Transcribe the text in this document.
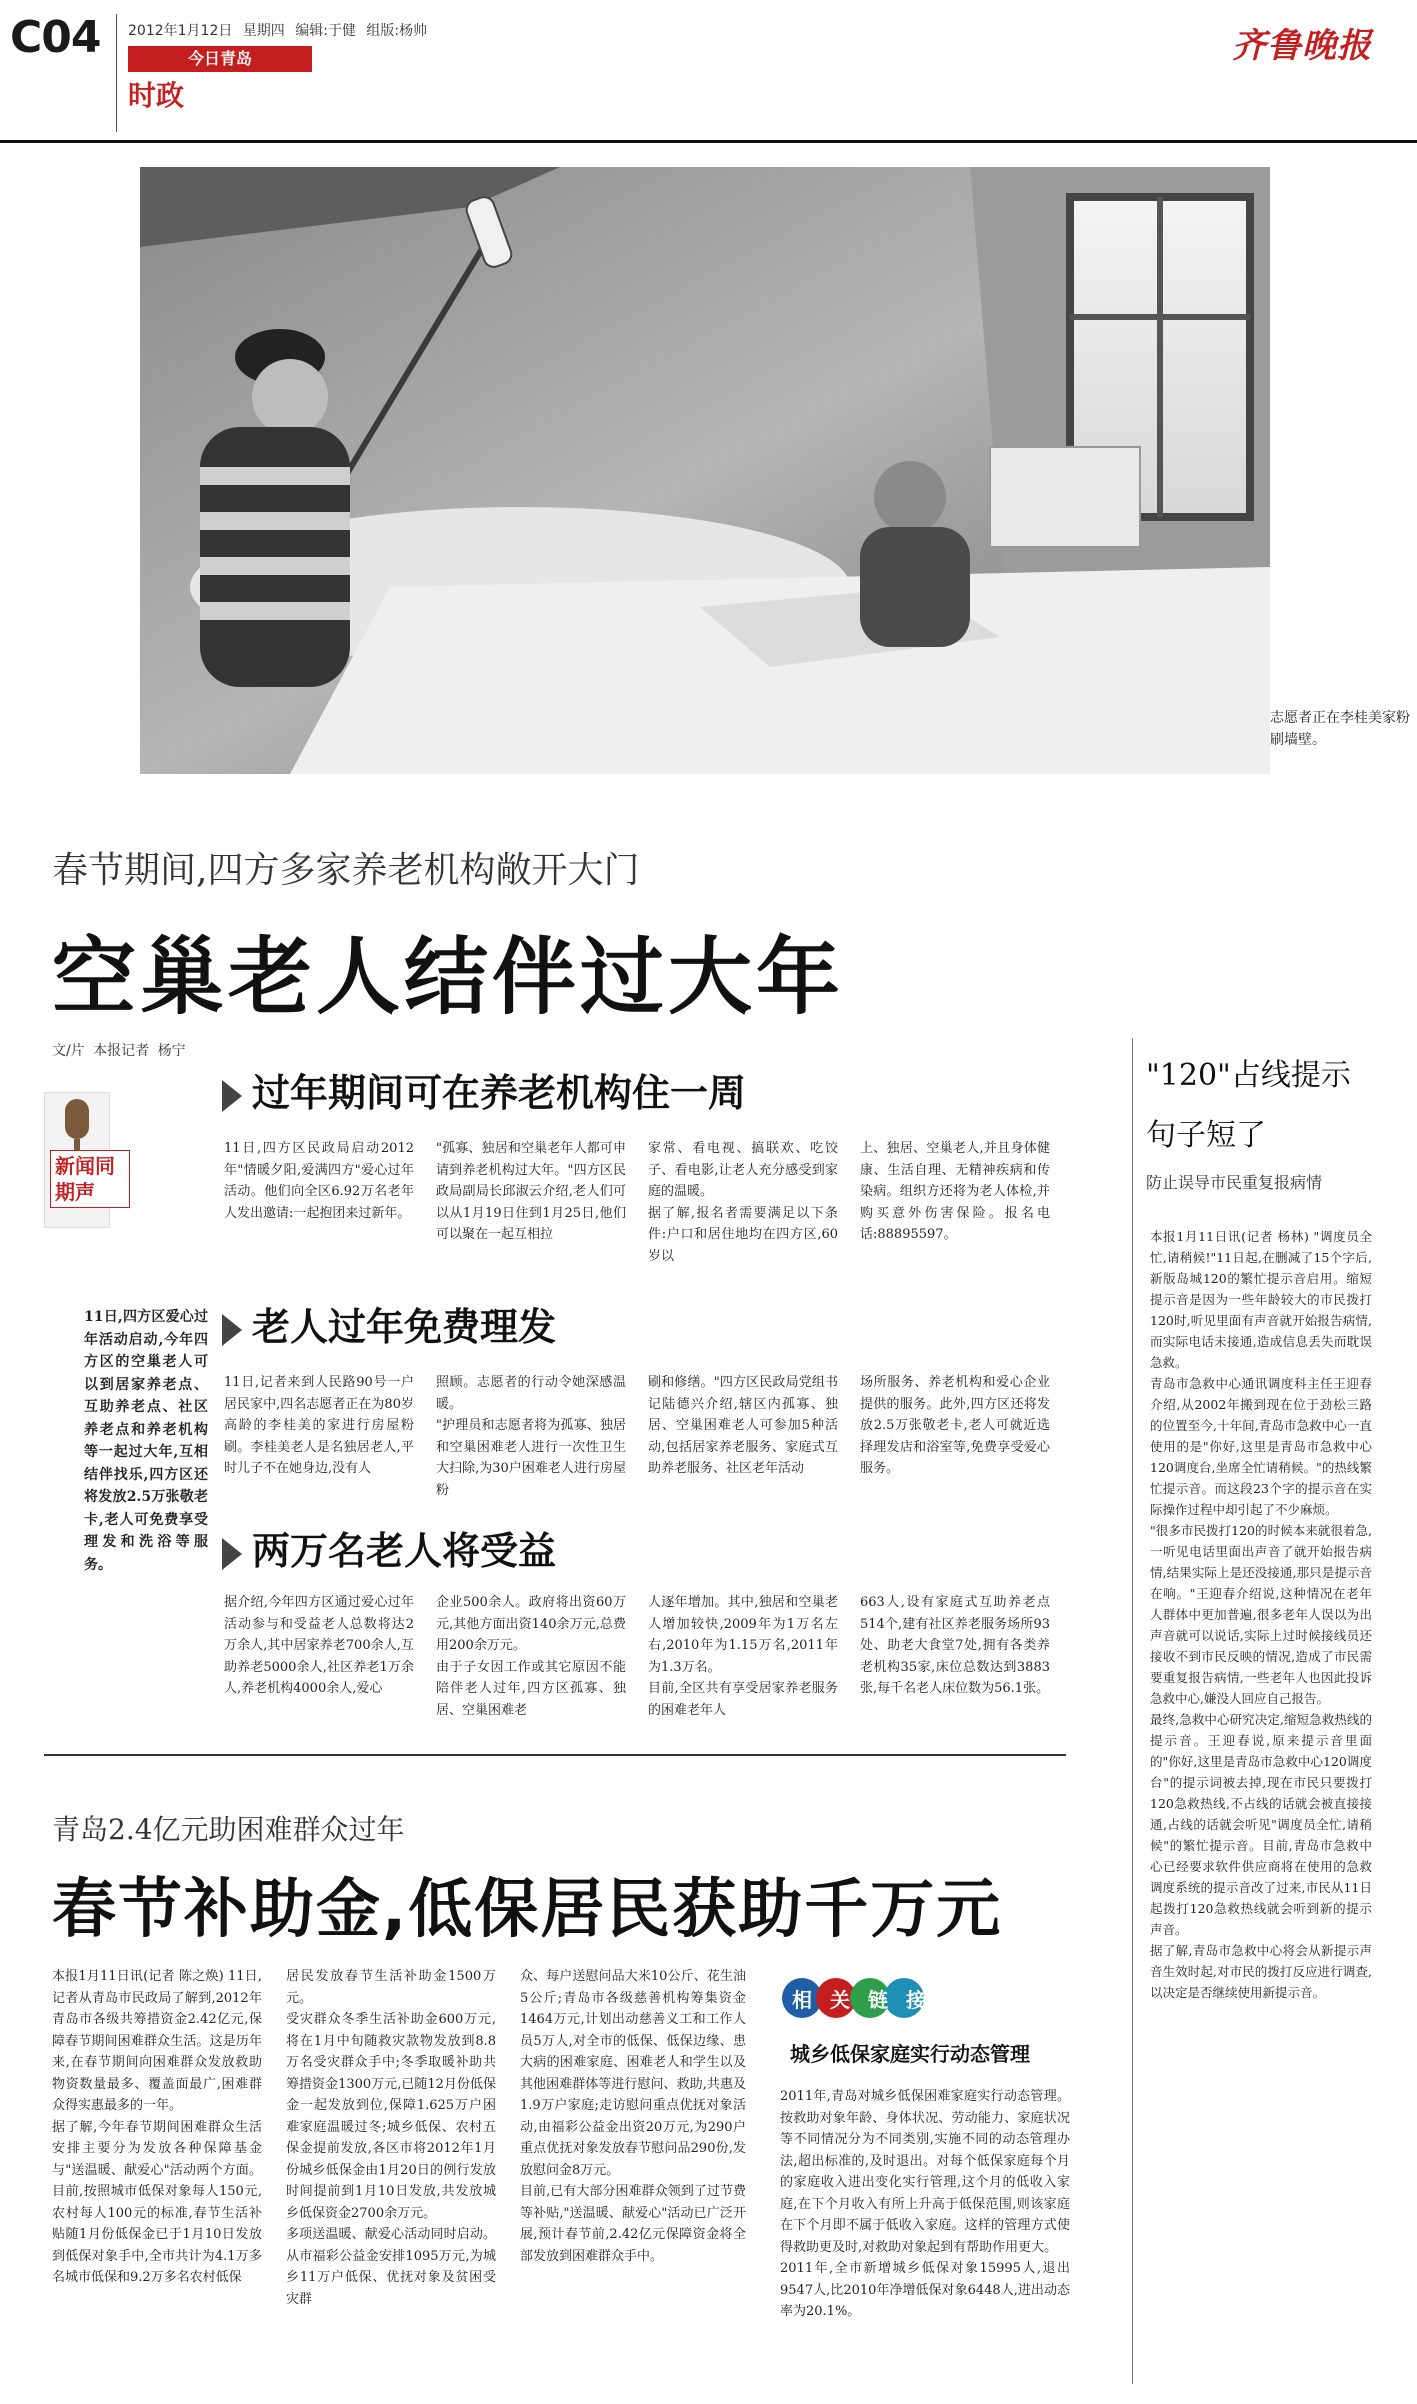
C04	2012年1月12日 星期四 编辑:于健 组版:杨帅
今日青岛
时政
齐鲁晚报
志愿者正在李桂美家粉刷墙壁。
春节期间,四方多家养老机构敞开大门
空巢老人结伴过大年
文/片 本报记者 杨宁
新闻同期声

11日,四方区爱心过年活动启动,今年四方区的空巢老人可以到居家养老点、互助养老点、社区养老点和养老机构等一起过大年,互相结伴找乐,四方区还将发放2.5万张敬老卡,老人可免费享受理发和洗浴等服务。

过年期间可在养老机构住一周

11日,四方区民政局启动2012年"情暖夕阳,爱满四方"爱心过年活动。他们向全区6.92万名老年人发出邀请:一起抱团来过新年。

"孤寡、独居和空巢老年人都可申请到养老机构过大年。"四方区民政局副局长邱淑云介绍,老人们可以从1月19日住到1月25日,他们可以聚在一起互相拉

家常、看电视、搞联欢、吃饺子、看电影,让老人充分感受到家庭的温暖。
据了解,报名者需要满足以下条件:户口和居住地均在四方区,60岁以

上、独居、空巢老人,并且身体健康、生活自理、无精神疾病和传染病。组织方还将为老人体检,并购买意外伤害保险。报名电话:88895597。

老人过年免费理发

11日,记者来到人民路90号一户居民家中,四名志愿者正在为80岁高龄的李桂美的家进行房屋粉刷。李桂美老人是名独居老人,平时儿子不在她身边,没有人

照顾。志愿者的行动令她深感温暖。
"护理员和志愿者将为孤寡、独居和空巢困难老人进行一次性卫生大扫除,为30户困难老人进行房屋粉

刷和修缮。"四方区民政局党组书记陆德兴介绍,辖区内孤寡、独居、空巢困难老人可参加5种活动,包括居家养老服务、家庭式互助养老服务、社区老年活动

场所服务、养老机构和爱心企业提供的服务。此外,四方区还将发放2.5万张敬老卡,老人可就近选择理发店和浴室等,免费享受爱心服务。

两万名老人将受益

据介绍,今年四方区通过爱心过年活动参与和受益老人总数将达2万余人,其中居家养老700余人,互助养老5000余人,社区养老1万余人,养老机构4000余人,爱心

企业500余人。政府将出资60万元,其他方面出资140余万元,总费用200余万元。
由于子女因工作或其它原因不能陪伴老人过年,四方区孤寡、独居、空巢困难老

人逐年增加。其中,独居和空巢老人增加较快,2009年为1万名左右,2010年为1.15万名,2011年为1.3万名。
目前,全区共有享受居家养老服务的困难老年人

663人,设有家庭式互助养老点514个,建有社区养老服务场所93处、助老大食堂7处,拥有各类养老机构35家,床位总数达到3883张,每千名老人床位数为56.1张。

青岛2.4亿元助困难群众过年
春节补助金,低保居民获助千万元

本报1月11日讯(记者 陈之焕) 11日,记者从青岛市民政局了解到,2012年青岛市各级共筹措资金2.42亿元,保障春节期间困难群众生活。这是历年来,在春节期间向困难群众发放救助物资数量最多、覆盖面最广,困难群众得实惠最多的一年。
据了解,今年春节期间困难群众生活安排主要分为发放各种保障基金与"送温暖、献爱心"活动两个方面。目前,按照城市低保对象每人150元,农村每人100元的标准,春节生活补贴随1月份低保金已于1月10日发放到低保对象手中,全市共计为4.1万多名城市低保和9.2万多名农村低保

居民发放春节生活补助金1500万元。
受灾群众冬季生活补助金600万元,将在1月中旬随救灾款物发放到8.8万名受灾群众手中;冬季取暖补助共筹措资金1300万元,已随12月份低保金一起发放到位,保障1.625万户困难家庭温暖过冬;城乡低保、农村五保金提前发放,各区市将2012年1月份城乡低保金由1月20日的例行发放时间提前到1月10日发放,共发放城乡低保资金2700余万元。
多项送温暖、献爱心活动同时启动。从市福彩公益金安排1095万元,为城乡11万户低保、优抚对象及贫困受灾群

众、每户送慰问品大米10公斤、花生油5公斤;青岛市各级慈善机构筹集资金1464万元,计划出动慈善义工和工作人员5万人,对全市的低保、低保边缘、患大病的困难家庭、困难老人和学生以及其他困难群体等进行慰问、救助,共惠及1.9万户家庭;走访慰问重点优抚对象活动,由福彩公益金出资20万元,为290户重点优抚对象发放春节慰问品290份,发放慰问金8万元。
目前,已有大部分困难群众领到了过节费等补贴,"送温暖、献爱心"活动已广泛开展,预计春节前,2.42亿元保障资金将全部发放到困难群众手中。

相关链接
城乡低保家庭实行动态管理

2011年,青岛对城乡低保困难家庭实行动态管理。按救助对象年龄、身体状况、劳动能力、家庭状况等不同情况分为不同类别,实施不同的动态管理办法,超出标准的,及时退出。对每个低保家庭每个月的家庭收入进出变化实行管理,这个月的低收入家庭,在下个月收入有所上升高于低保范围,则该家庭在下个月即不属于低收入家庭。这样的管理方式使得救助更及时,对救助对象起到有帮助作用更大。
2011年,全市新增城乡低保对象15995人,退出9547人,比2010年净增低保对象6448人,进出动态率为20.1%。

"120"占线提示
句子短了
防止误导市民重复报病情

本报1月11日讯(记者 杨林) "调度员全忙,请稍候!"11日起,在删减了15个字后,新版岛城120的繁忙提示音启用。缩短提示音是因为一些年龄较大的市民拨打120时,听见里面有声音就开始报告病情,而实际电话未接通,造成信息丢失而耽误急救。
青岛市急救中心通讯调度科主任王迎春介绍,从2002年搬到现在位于劲松三路的位置至今,十年间,青岛市急救中心一直使用的是"你好,这里是青岛市急救中心120调度台,坐席全忙请稍候。"的热线繁忙提示音。而这段23个字的提示音在实际操作过程中却引起了不少麻烦。
"很多市民拨打120的时候本来就很着急,一听见电话里面出声音了就开始报告病情,结果实际上是还没接通,那只是提示音在响。"王迎春介绍说,这种情况在老年人群体中更加普遍,很多老年人误以为出声音就可以说话,实际上过时候接线员还接收不到市民反映的情况,造成了市民需要重复报告病情,一些老年人也因此投诉急救中心,嫌没人回应自己报告。
最终,急救中心研究决定,缩短急救热线的提示音。王迎春说,原来提示音里面的"你好,这里是青岛市急救中心120调度台"的提示词被去掉,现在市民只要拨打120急救热线,不占线的话就会被直接接通,占线的话就会听见"调度员全忙,请稍候"的繁忙提示音。目前,青岛市急救中心已经要求软件供应商将在使用的急救调度系统的提示音改了过来,市民从11日起拨打120急救热线就会听到新的提示声音。
据了解,青岛市急救中心将会从新提示声音生效时起,对市民的拨打反应进行调查,以决定是否继续使用新提示音。
